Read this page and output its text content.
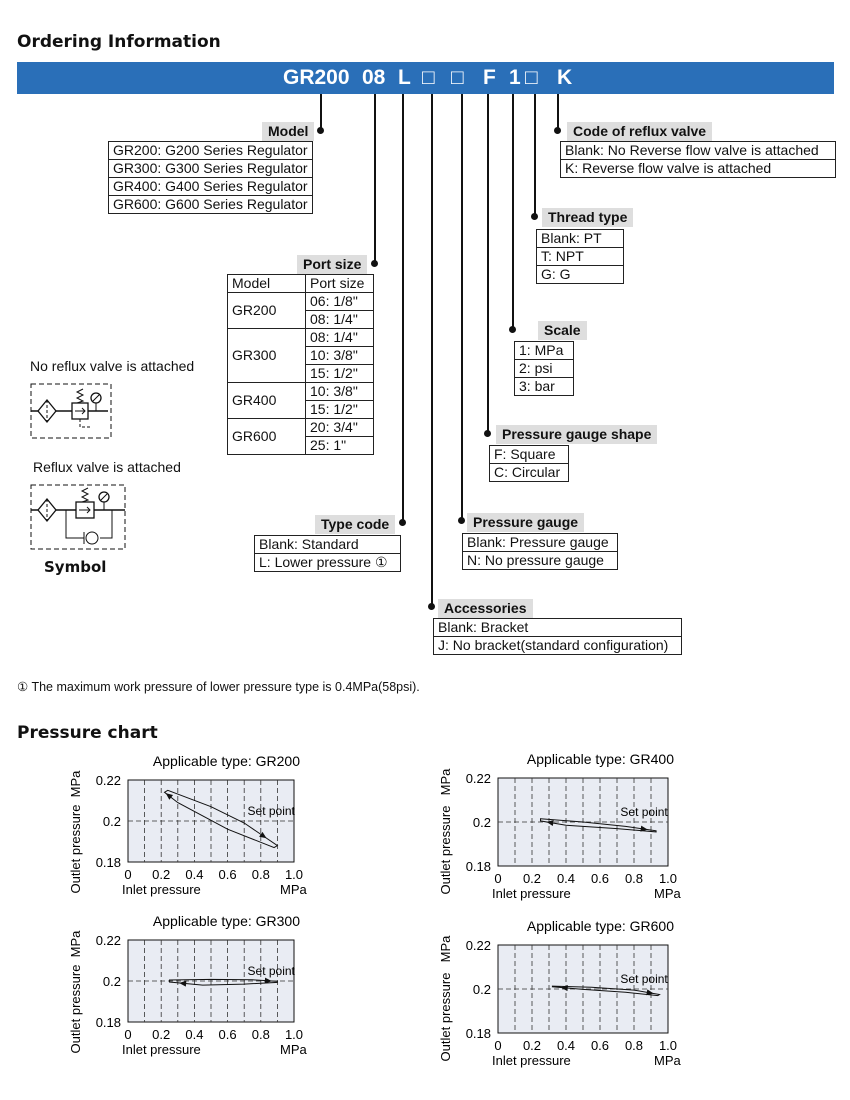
Ordering Information
GR200 08 L □ □ F 1 □ K
Model
GR200: G200 Series Regulator
GR300: G300 Series Regulator
GR400: G400 Series Regulator
GR600: G600 Series Regulator
Port size
Model	Port size
GR200	06: 1/8"
	08: 1/4"
GR300	08: 1/4"
	10: 3/8"
	15: 1/2"
GR400	10: 3/8"
	15: 1/2"
GR600	20: 3/4"
	25: 1"
Type code
Blank: Standard
L: Lower pressure ①
Accessories
Blank: Bracket
J: No bracket(standard configuration)
Pressure gauge
Blank: Pressure gauge
N: No pressure gauge
Pressure gauge shape
F: Square
C: Circular
Scale
1: MPa
2: psi
3: bar
Thread type
Blank: PT
T: NPT
G: G
Code of reflux valve
Blank: No Reverse flow valve is attached
K: Reverse flow valve is attached
No reflux valve is attached
Reflux valve is attached
Symbol
① The maximum work pressure of lower pressure type is 0.4MPa(58psi).
Pressure chart
Applicable type: GR200
0.22
0.2
0.18
0 0.2 0.4 0.6 0.8 1.0
Outlet pressure
MPa
Inlet pressure	MPa
Set point
Applicable type: GR400
0.22
0.2
0.18
0 0.2 0.4 0.6 0.8 1.0
Outlet pressure
MPa
Inlet pressure	MPa
Set point
Applicable type: GR300
0.22
0.2
0.18
0 0.2 0.4 0.6 0.8 1.0
Outlet pressure
MPa
Inlet pressure	MPa
Set point
Applicable type: GR600
0.22
0.2
0.18
0 0.2 0.4 0.6 0.8 1.0
Outlet pressure
MPa
Inlet pressure	MPa
Set point
